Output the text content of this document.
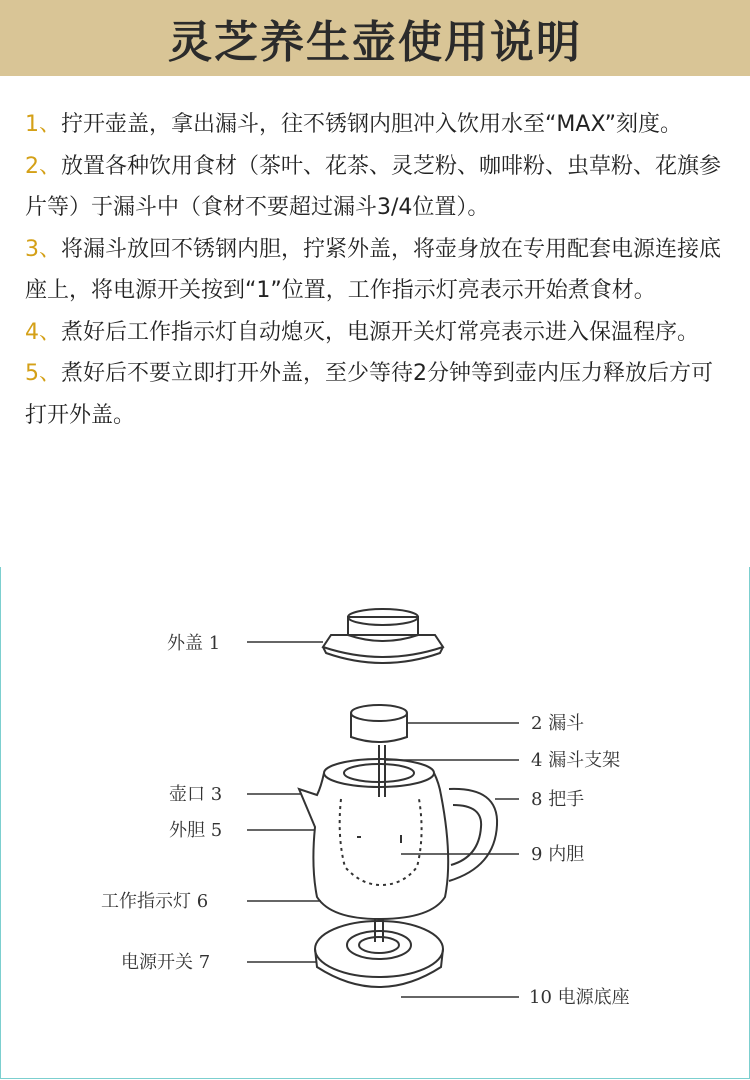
灵芝养生壶使用说明

1、拧开壶盖，拿出漏斗，往不锈钢内胆冲入饮用水至“MAX”刻度。

2、放置各种饮用食材（茶叶、花茶、灵芝粉、咖啡粉、虫草粉、花旗参片等）于漏斗中（食材不要超过漏斗3/4位置）。

3、将漏斗放回不锈钢内胆，拧紧外盖，将壶身放在专用配套电源连接底座上，将电源开关按到“1”位置，工作指示灯亮表示开始煮食材。

4、煮好后工作指示灯自动熄灭，电源开关灯常亮表示进入保温程序。

5、煮好后不要立即打开外盖，至少等待2分钟等到壶内压力释放后方可打开外盖。

外盖 1
壶口 3
外胆 5
工作指示灯 6
电源开关 7
2 漏斗
4 漏斗支架
8 把手
9 内胆
10 电源底座
